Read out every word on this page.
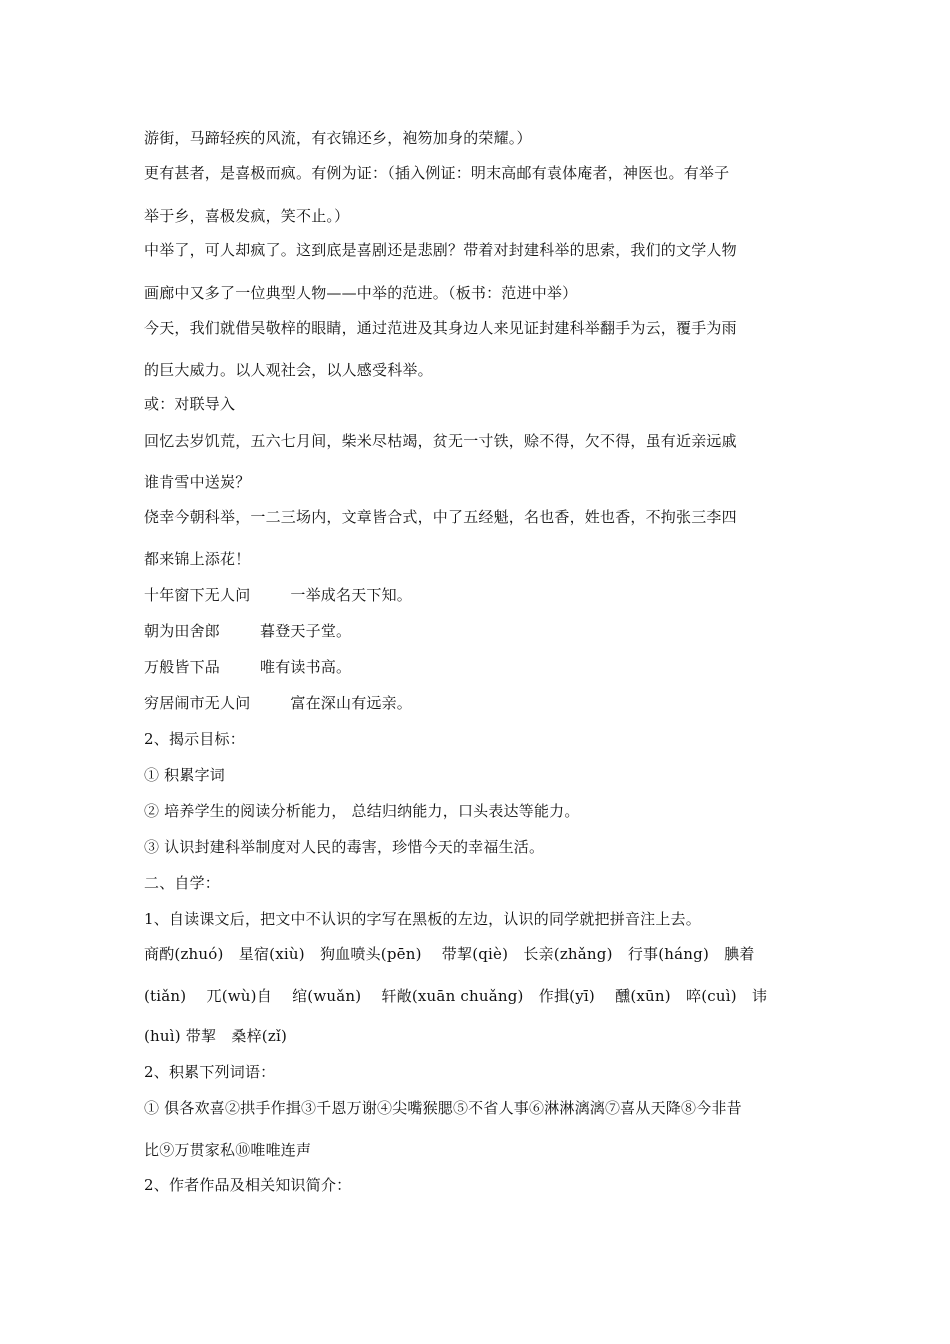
游街，马蹄轻疾的风流，有衣锦还乡，袍笏加身的荣耀。）
更有甚者，是喜极而疯。有例为证：（插入例证：明末高邮有袁体庵者，神医也。有举子
举于乡，喜极发疯，笑不止。）
中举了，可人却疯了。这到底是喜剧还是悲剧？带着对封建科举的思索，我们的文学人物
画廊中又多了一位典型人物——中举的范进。（板书：范进中举）
今天，我们就借吴敬梓的眼睛，通过范进及其身边人来见证封建科举翻手为云，覆手为雨
的巨大威力。以人观社会，以人感受科举。
或：对联导入
回忆去岁饥荒，五六七月间，柴米尽枯竭，贫无一寸铁，赊不得，欠不得，虽有近亲远戚
谁肯雪中送炭？
侥幸今朝科举，一二三场内，文章皆合式，中了五经魁，名也香，姓也香，不拘张三李四
都来锦上添花！
十年窗下无人问	一举成名天下知。
朝为田舍郎	暮登天子堂。
万般皆下品	唯有读书高。
穷居闹市无人问	富在深山有远亲。
2、揭示目标：
① 积累字词
② 培养学生的阅读分析能力， 总结归纳能力，口头表达等能力。
③ 认识封建科举制度对人民的毒害，珍惜今天的幸福生活。
二、自学：
1、自读课文后，把文中不认识的字写在黑板的左边，认识的同学就把拼音注上去。
商酌(zhuó)　星宿(xiù)　狗血喷头(pēn)　 带挈(qiè)　长亲(zhǎng)　行事(háng)　腆着
(tiǎn)　 兀(wù)自　 绾(wuǎn)　 轩敞(xuān chuǎng)　作揖(yī)　 醺(xūn)　啐(cuì)　讳
(huì) 带挈　桑梓(zǐ)
2、积累下列词语：
① 俱各欢喜②拱手作揖③千恩万谢④尖嘴猴腮⑤不省人事⑥淋淋漓漓⑦喜从天降⑧今非昔
比⑨万贯家私⑩唯唯连声
2、作者作品及相关知识简介：
